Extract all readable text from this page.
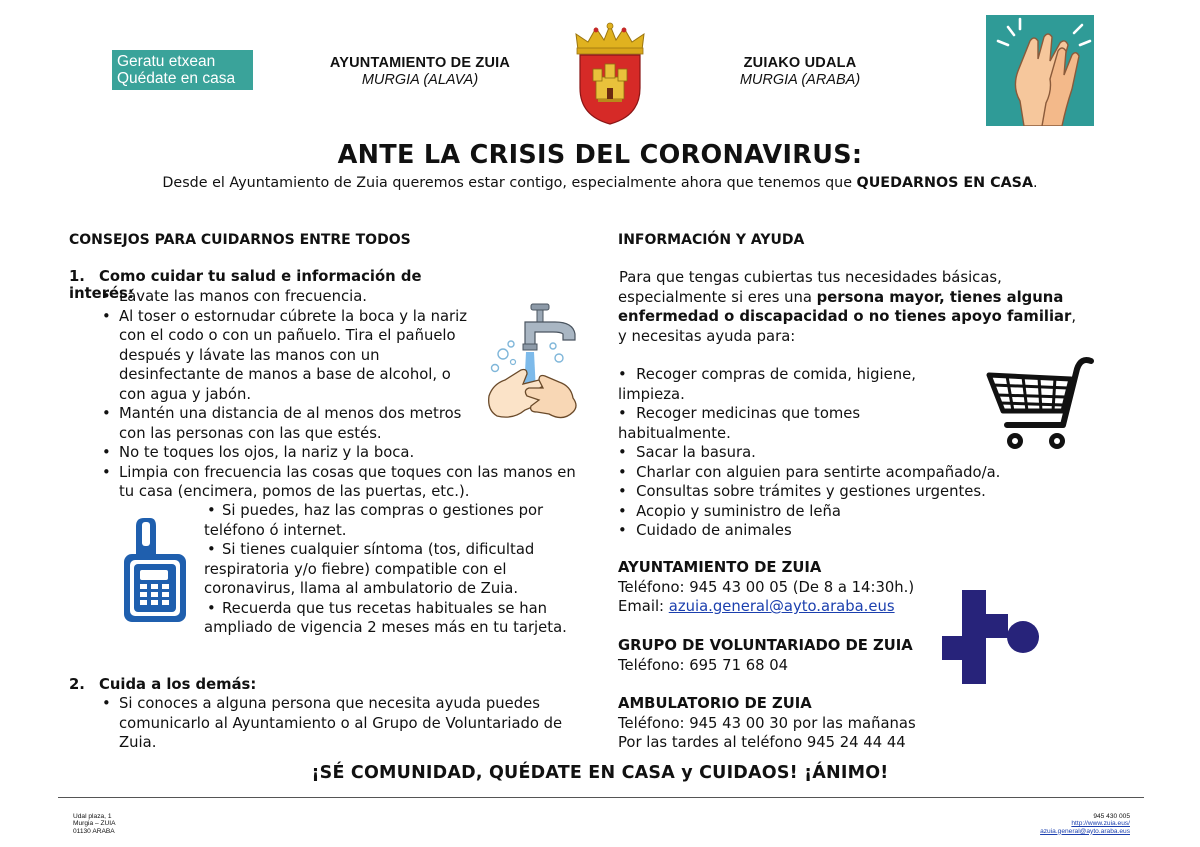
Geratu etxean
Quédate en casa
AYUNTAMIENTO DE ZUIA
MURGIA (ALAVA)
ZUIAKO UDALA
MURGIA (ARABA)
ANTE LA CRISIS DEL CORONAVIRUS:
Desde el Ayuntamiento de Zuia queremos estar contigo, especialmente ahora que tenemos que QUEDARNOS EN CASA.
CONSEJOS PARA CUIDARNOS ENTRE TODOS
1. Como cuidar tu salud e información de interés:
• Lávate las manos con frecuencia.
• Al toser o estornudar cúbrete la boca y la nariz con el codo o con un pañuelo. Tira el pañuelo después y lávate las manos con un desinfectante de manos a base de alcohol, o con agua y jabón.
• Mantén una distancia de al menos dos metros con las personas con las que estés.
• No te toques los ojos, la nariz y la boca.
• Limpia con frecuencia las cosas que toques con las manos en tu casa (encimera, pomos de las puertas, etc.).
• Si puedes, haz las compras o gestiones por teléfono ó internet.
• Si tienes cualquier síntoma (tos, dificultad respiratoria y/o fiebre) compatible con el coronavirus, llama al ambulatorio de Zuia.
• Recuerda que tus recetas habituales se han ampliado de vigencia 2 meses más en tu tarjeta.
2. Cuida a los demás:
• Si conoces a alguna persona que necesita ayuda puedes comunicarlo al Ayuntamiento o al Grupo de Voluntariado de Zuia.
INFORMACIÓN Y AYUDA
Para que tengas cubiertas tus necesidades básicas, especialmente si eres una persona mayor, tienes alguna enfermedad o discapacidad o no tienes apoyo familiar, y necesitas ayuda para:
•  Recoger compras de comida, higiene, limpieza.
•  Recoger medicinas que tomes habitualmente.
•  Sacar la basura.
•  Charlar con alguien para sentirte acompañado/a.
•  Consultas sobre trámites y gestiones urgentes.
•  Acopio y suministro de leña
•  Cuidado de animales
AYUNTAMIENTO DE ZUIA
Teléfono: 945 43 00 05 (De 8 a 14:30h.)
Email: azuia.general@ayto.araba.eus
GRUPO DE VOLUNTARIADO DE ZUIA
Teléfono: 695 71 68 04
AMBULATORIO DE ZUIA
Teléfono: 945 43 00 30 por las mañanas
Por las tardes al teléfono 945 24 44 44
¡SÉ COMUNIDAD, QUÉDATE EN CASA y CUIDAOS! ¡ÁNIMO!
Udal plaza, 1
Murgia – ZUIA
01130 ARABA
945 430 005
http://www.zuia.eus/
azuia.general@ayto.araba.eus
